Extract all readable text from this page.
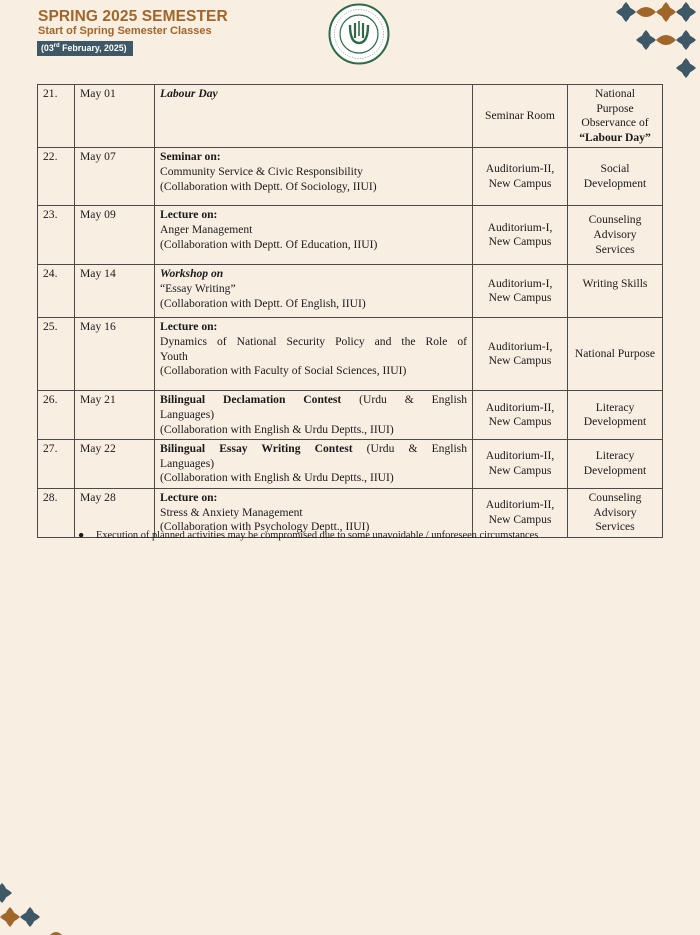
SPRING 2025 SEMESTER
Start of Spring Semester Classes
(03rd February, 2025)
21.	May 01	Labour Day	Seminar Room	National
Purpose
Observance of
“Labour Day”

22.	May 07	Seminar on:
Community Service & Civic Responsibility
(Collaboration with Deptt. Of Sociology, IIUI)	Auditorium-II, New Campus	Social Development
23.	May 09	Lecture on:
Anger Management
(Collaboration with Deptt. Of Education, IIUI)	Auditorium-I, New Campus	Counseling Advisory Services
24.	May 14	Workshop on
“Essay Writing”
(Collaboration with Deptt. Of English, IIUI)	Auditorium-I, New Campus	Writing Skills
25.	May 16	Lecture on:
Dynamics of National Security Policy and the Role of
Youth
(Collaboration with Faculty of Social Sciences, IIUI)	Auditorium-I, New Campus	National Purpose
26.	May 21	Bilingual Declamation Contest (Urdu & English
Languages)
(Collaboration with English & Urdu Deptts., IIUI)	Auditorium-II, New Campus	Literacy Development
27.	May 22	Bilingual Essay Writing Contest (Urdu & English
Languages)
(Collaboration with English & Urdu Deptts., IIUI)	Auditorium-II, New Campus	Literacy Development
28.	May 28	Lecture on:
Stress & Anxiety Management
(Collaboration with Psychology Deptt., IIUI)	Auditorium-II, New Campus	Counseling Advisory Services
● Execution of planned activities may be compromised due to some unavoidable / unforeseen circumstances
